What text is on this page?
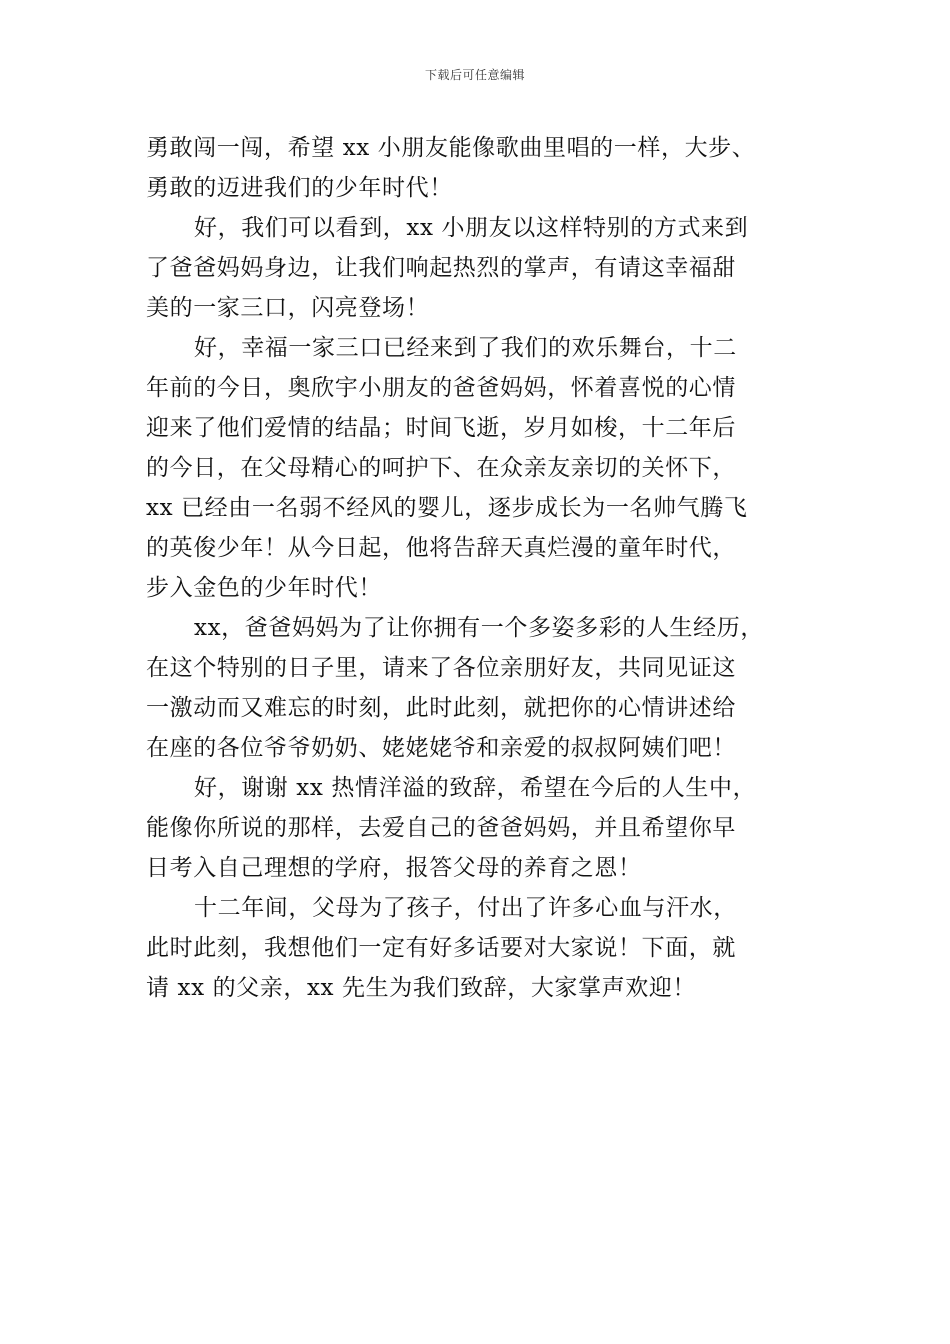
下载后可任意编辑
勇敢闯一闯，希望 xx 小朋友能像歌曲里唱的一样，大步、
勇敢的迈进我们的少年时代！
好，我们可以看到，xx 小朋友以这样特别的方式来到
了爸爸妈妈身边，让我们响起热烈的掌声，有请这幸福甜
美的一家三口，闪亮登场！
好，幸福一家三口已经来到了我们的欢乐舞台，十二
年前的今日，奥欣宇小朋友的爸爸妈妈，怀着喜悦的心情
迎来了他们爱情的结晶；时间飞逝，岁月如梭，十二年后
的今日，在父母精心的呵护下、在众亲友亲切的关怀下，
xx 已经由一名弱不经风的婴儿，逐步成长为一名帅气腾飞
的英俊少年！从今日起，他将告辞天真烂漫的童年时代，
步入金色的少年时代！
xx，爸爸妈妈为了让你拥有一个多姿多彩的人生经历，
在这个特别的日子里，请来了各位亲朋好友，共同见证这
一激动而又难忘的时刻，此时此刻，就把你的心情讲述给
在座的各位爷爷奶奶、姥姥姥爷和亲爱的叔叔阿姨们吧！
好，谢谢 xx 热情洋溢的致辞，希望在今后的人生中，
能像你所说的那样，去爱自己的爸爸妈妈，并且希望你早
日考入自己理想的学府，报答父母的养育之恩！
十二年间，父母为了孩子，付出了许多心血与汗水，
此时此刻，我想他们一定有好多话要对大家说！下面，就
请 xx 的父亲，xx 先生为我们致辞，大家掌声欢迎！
